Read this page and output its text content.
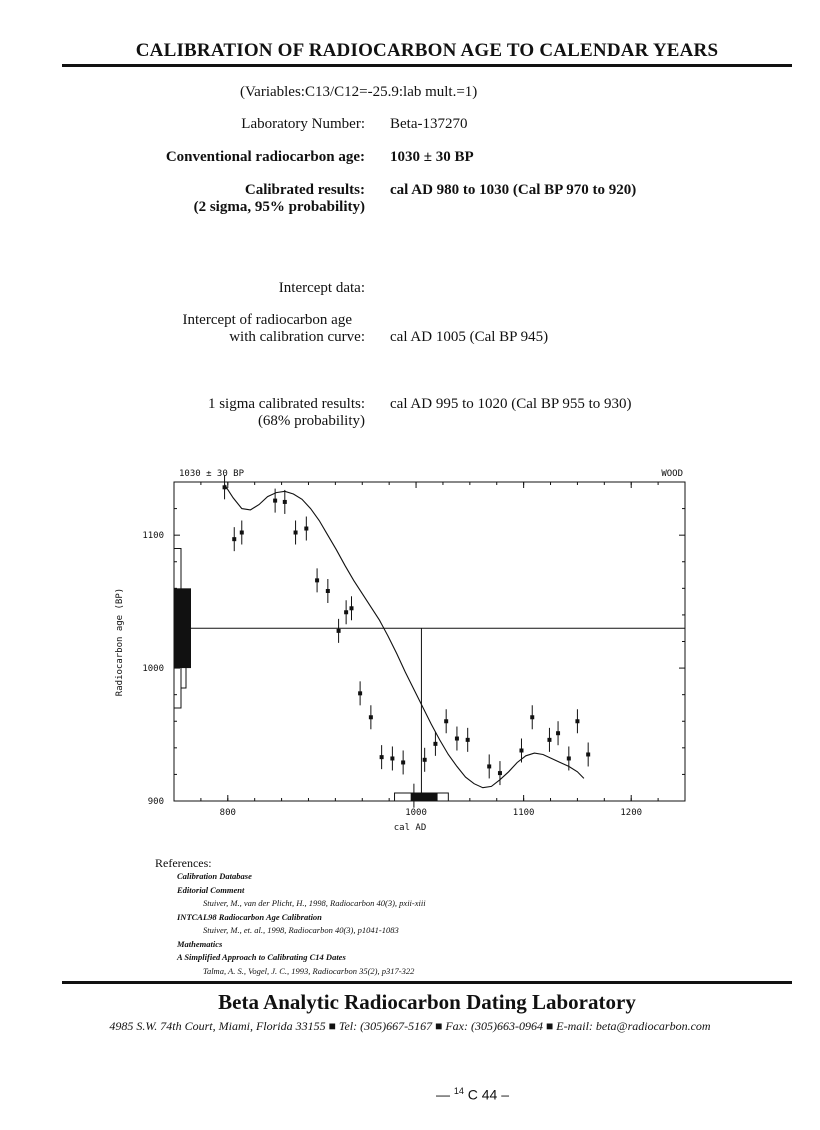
CALIBRATION OF RADIOCARBON AGE TO CALENDAR YEARS
(Variables:C13/C12=-25.9:lab mult.=1)
Laboratory Number: Beta-137270
Conventional radiocarbon age: 1030 ± 30 BP
Calibrated results:
(2 sigma, 95% probability)
cal AD 980 to 1030 (Cal BP 970 to 920)
Intercept data:
Intercept of radiocarbon age
with calibration curve: cal AD 1005 (Cal BP 945)
1 sigma calibrated results:
(68% probability)
cal AD 995 to 1020 (Cal BP 955 to 930)
1030 ± 30 BP	WOOD
cal AD
Radiocarbon age (BP)
900
1000
1100
800	1000	1100	1200
References:
Calibration Database
Editorial Comment
Stuiver, M., van der Plicht, H., 1998, Radiocarbon 40(3), pxii-xiii
INTCAL98 Radiocarbon Age Calibration
Stuiver, M., et. al., 1998, Radiocarbon 40(3), p1041-1083
Mathematics
A Simplified Approach to Calibrating C14 Dates
Talma, A. S., Vogel, J. C., 1993, Radiocarbon 35(2), p317-322
Beta Analytic Radiocarbon Dating Laboratory
4985 S.W. 74th Court, Miami, Florida 33155 ■ Tel: (305)667-5167 ■ Fax: (305)663-0964 ■ E-mail: beta@radiocarbon.com
— $^{14}$ C 44 –
